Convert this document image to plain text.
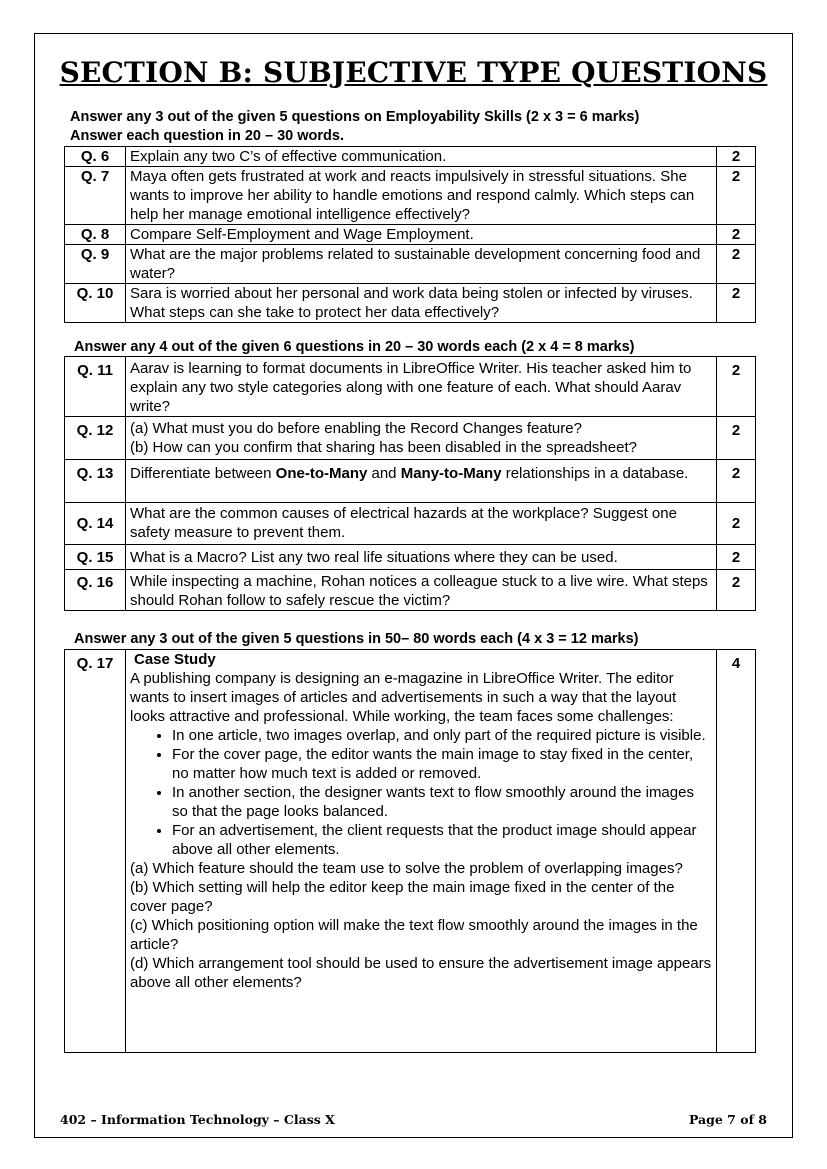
SECTION B: SUBJECTIVE TYPE QUESTIONS
Answer any 3 out of the given 5 questions on Employability Skills (2 x 3 = 6 marks)
Answer each question in 20 – 30 words.
Q. 6	Explain any two C’s of effective communication.	2
Q. 7	Maya often gets frustrated at work and reacts impulsively in stressful situations. She wants to improve her ability to handle emotions and respond calmly. Which steps can help her manage emotional intelligence effectively?	2
Q. 8	Compare Self-Employment and Wage Employment.	2
Q. 9	What are the major problems related to sustainable development concerning food and water?	2
Q. 10	Sara is worried about her personal and work data being stolen or infected by viruses. What steps can she take to protect her data effectively?	2
Answer any 4 out of the given 6 questions in 20 – 30 words each (2 x 4 = 8 marks)
Q. 11	Aarav is learning to format documents in LibreOffice Writer. His teacher asked him to explain any two style categories along with one feature of each. What should Aarav write?	2
Q. 12	(a) What must you do before enabling the Record Changes feature?
(b) How can you confirm that sharing has been disabled in the spreadsheet?	2
Q. 13	Differentiate between One-to-Many and Many-to-Many relationships in a database.	2
Q. 14	What are the common causes of electrical hazards at the workplace? Suggest one safety measure to prevent them.	2
Q. 15	What is a Macro? List any two real life situations where they can be used.	2
Q. 16	While inspecting a machine, Rohan notices a colleague stuck to a live wire. What steps should Rohan follow to safely rescue the victim?	2
Answer any 3 out of the given 5 questions in 50– 80 words each (4 x 3 = 12 marks)
Q. 17	Case Study
A publishing company is designing an e-magazine in LibreOffice Writer. The editor wants to insert images of articles and advertisements in such a way that the layout looks attractive and professional. While working, the team faces some challenges:
• In one article, two images overlap, and only part of the required picture is visible.
• For the cover page, the editor wants the main image to stay fixed in the center, no matter how much text is added or removed.
• In another section, the designer wants text to flow smoothly around the images so that the page looks balanced.
• For an advertisement, the client requests that the product image should appear above all other elements.
(a) Which feature should the team use to solve the problem of overlapping images?
(b) Which setting will help the editor keep the main image fixed in the center of the cover page?
(c) Which positioning option will make the text flow smoothly around the images in the article?
(d) Which arrangement tool should be used to ensure the advertisement image appears above all other elements?
	4
402 – Information Technology – Class X	Page 7 of 8
